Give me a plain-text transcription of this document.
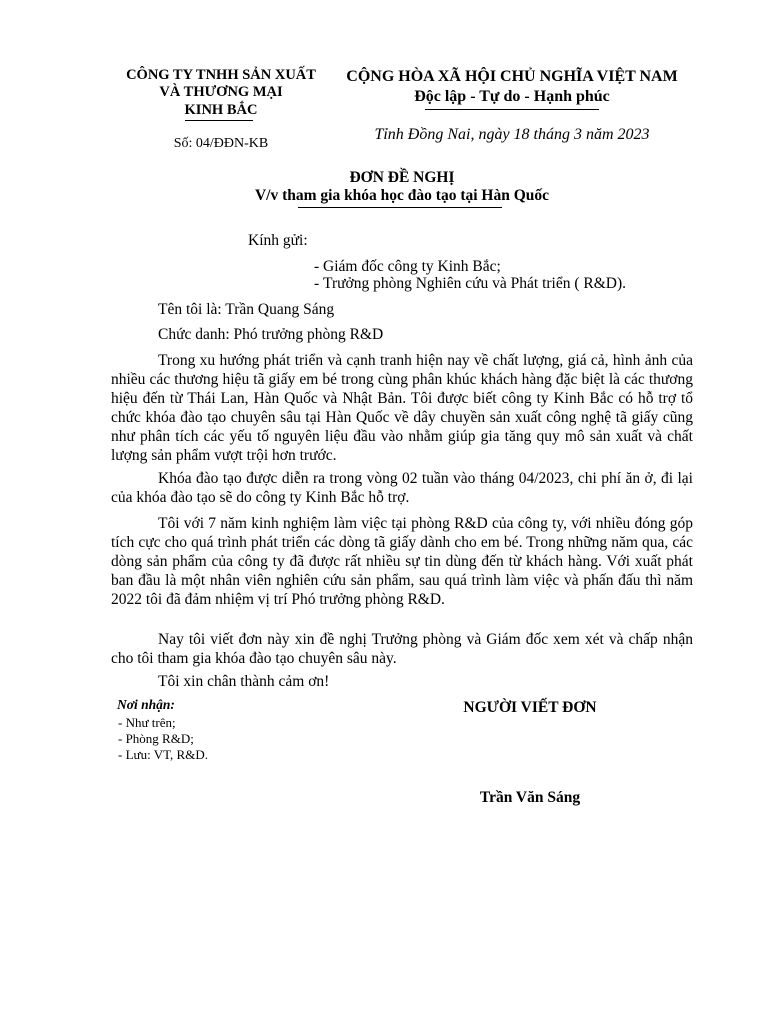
CÔNG TY TNHH SẢN XUẤT
VÀ THƯƠNG MẠI
KINH BẮC
Số: 04/ĐĐN-KB
CỘNG HÒA XÃ HỘI CHỦ NGHĨA VIỆT NAM
Độc lập - Tự do - Hạnh phúc
Tỉnh Đồng Nai, ngày 18 tháng 3 năm 2023
ĐƠN ĐỀ NGHỊ
V/v tham gia khóa học đào tạo tại Hàn Quốc
Kính gửi:
- Giám đốc công ty Kinh Bắc;
- Trưởng phòng Nghiên cứu và Phát triển ( R&D).
Tên tôi là: Trần Quang Sáng
Chức danh: Phó trưởng phòng R&D
Trong xu hướng phát triển và cạnh tranh hiện nay về chất lượng, giá cả, hình ảnh của nhiều các thương hiệu tã giấy em bé trong cùng phân khúc khách hàng đặc biệt là các thương hiệu đến từ Thái Lan, Hàn Quốc và Nhật Bản. Tôi được biết công ty Kinh Bắc có hỗ trợ tổ chức khóa đào tạo chuyên sâu tại Hàn Quốc về dây chuyền sản xuất công nghệ tã giấy cũng như phân tích các yếu tố nguyên liệu đầu vào nhằm giúp gia tăng quy mô sản xuất và chất lượng sản phẩm vượt trội hơn trước.
Khóa đào tạo được diễn ra trong vòng 02 tuần vào tháng 04/2023, chi phí ăn ở, đi lại của khóa đào tạo sẽ do công ty Kinh Bắc hỗ trợ.
Tôi với 7 năm kinh nghiệm làm việc tại phòng R&D của công ty, với nhiều đóng góp tích cực cho quá trình phát triển các dòng tã giấy dành cho em bé. Trong những năm qua, các dòng sản phẩm của công ty đã được rất nhiều sự tin dùng đến từ khách hàng. Với xuất phát ban đầu là một nhân viên nghiên cứu sản phẩm, sau quá trình làm việc và phấn đấu thì năm 2022 tôi đã đảm nhiệm vị trí Phó trưởng phòng R&D.
Nay tôi viết đơn này xin đề nghị Trưởng phòng và Giám đốc xem xét và chấp nhận cho tôi tham gia khóa đào tạo chuyên sâu này.
Tôi xin chân thành cảm ơn!
Nơi nhận:
- Như trên;
- Phòng R&D;
- Lưu: VT, R&D.
NGƯỜI VIẾT ĐƠN
Trần Văn Sáng
